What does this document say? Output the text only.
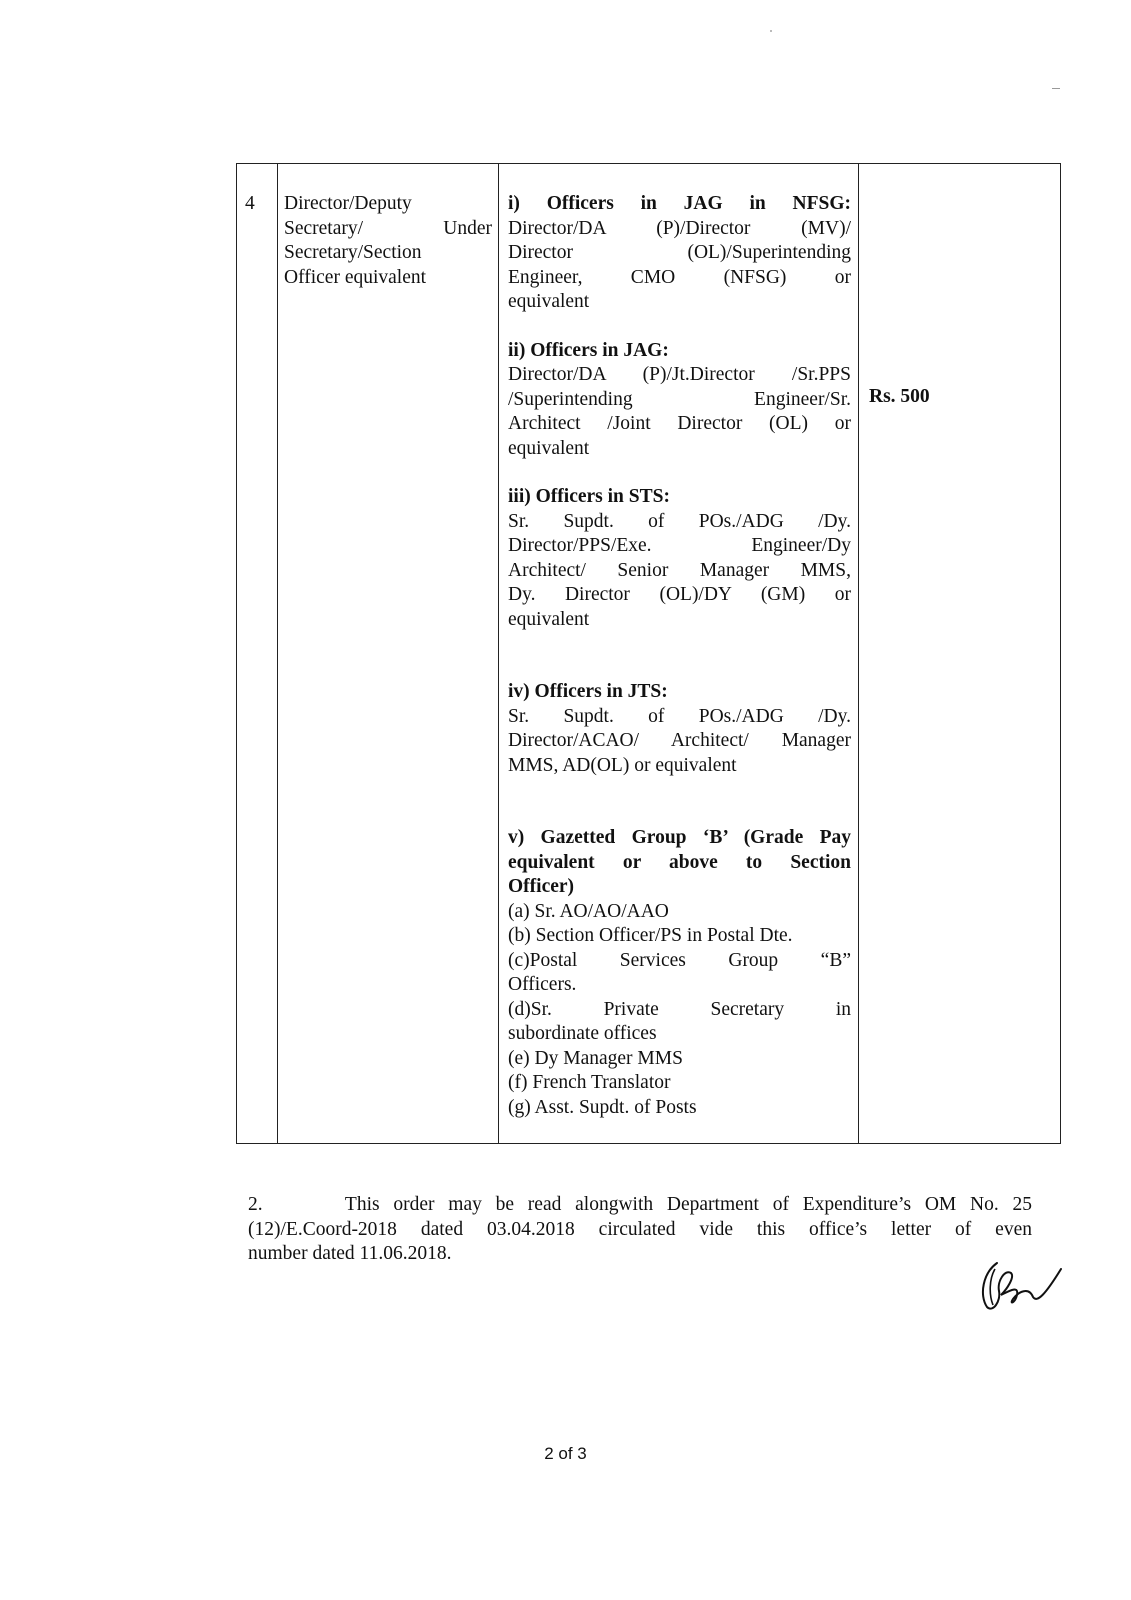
4 Director/Deputy
Secretary/ Under
Secretary/Section
Officer equivalent
i) Officers in JAG in NFSG:
Director/DA (P)/Director (MV)/
Director (OL)/Superintending
Engineer, CMO (NFSG) or
equivalent
ii) Officers in JAG:
Director/DA (P)/Jt.Director /Sr.PPS
/Superintending Engineer/Sr.
Architect /Joint Director (OL) or
equivalent
iii) Officers in STS:
Sr. Supdt. of POs./ADG /Dy.
Director/PPS/Exe. Engineer/Dy
Architect/ Senior Manager MMS,
Dy. Director (OL)/DY (GM) or
equivalent
iv) Officers in JTS:
Sr. Supdt. of POs./ADG /Dy.
Director/ACAO/ Architect/ Manager
MMS, AD(OL) or equivalent
v) Gazetted Group ‘B’ (Grade Pay
equivalent or above to Section
Officer)
(a) Sr. AO/AO/AAO
(b) Section Officer/PS in Postal Dte.
(c)Postal Services Group “B”
Officers.
(d)Sr. Private Secretary in
subordinate offices
(e) Dy Manager MMS
(f) French Translator
(g) Asst. Supdt. of Posts
Rs. 500
2.      This order may be read alongwith Department of Expenditure’s OM No. 25
(12)/E.Coord-2018 dated 03.04.2018 circulated vide this office’s letter of even
number dated 11.06.2018.
2 of 3
